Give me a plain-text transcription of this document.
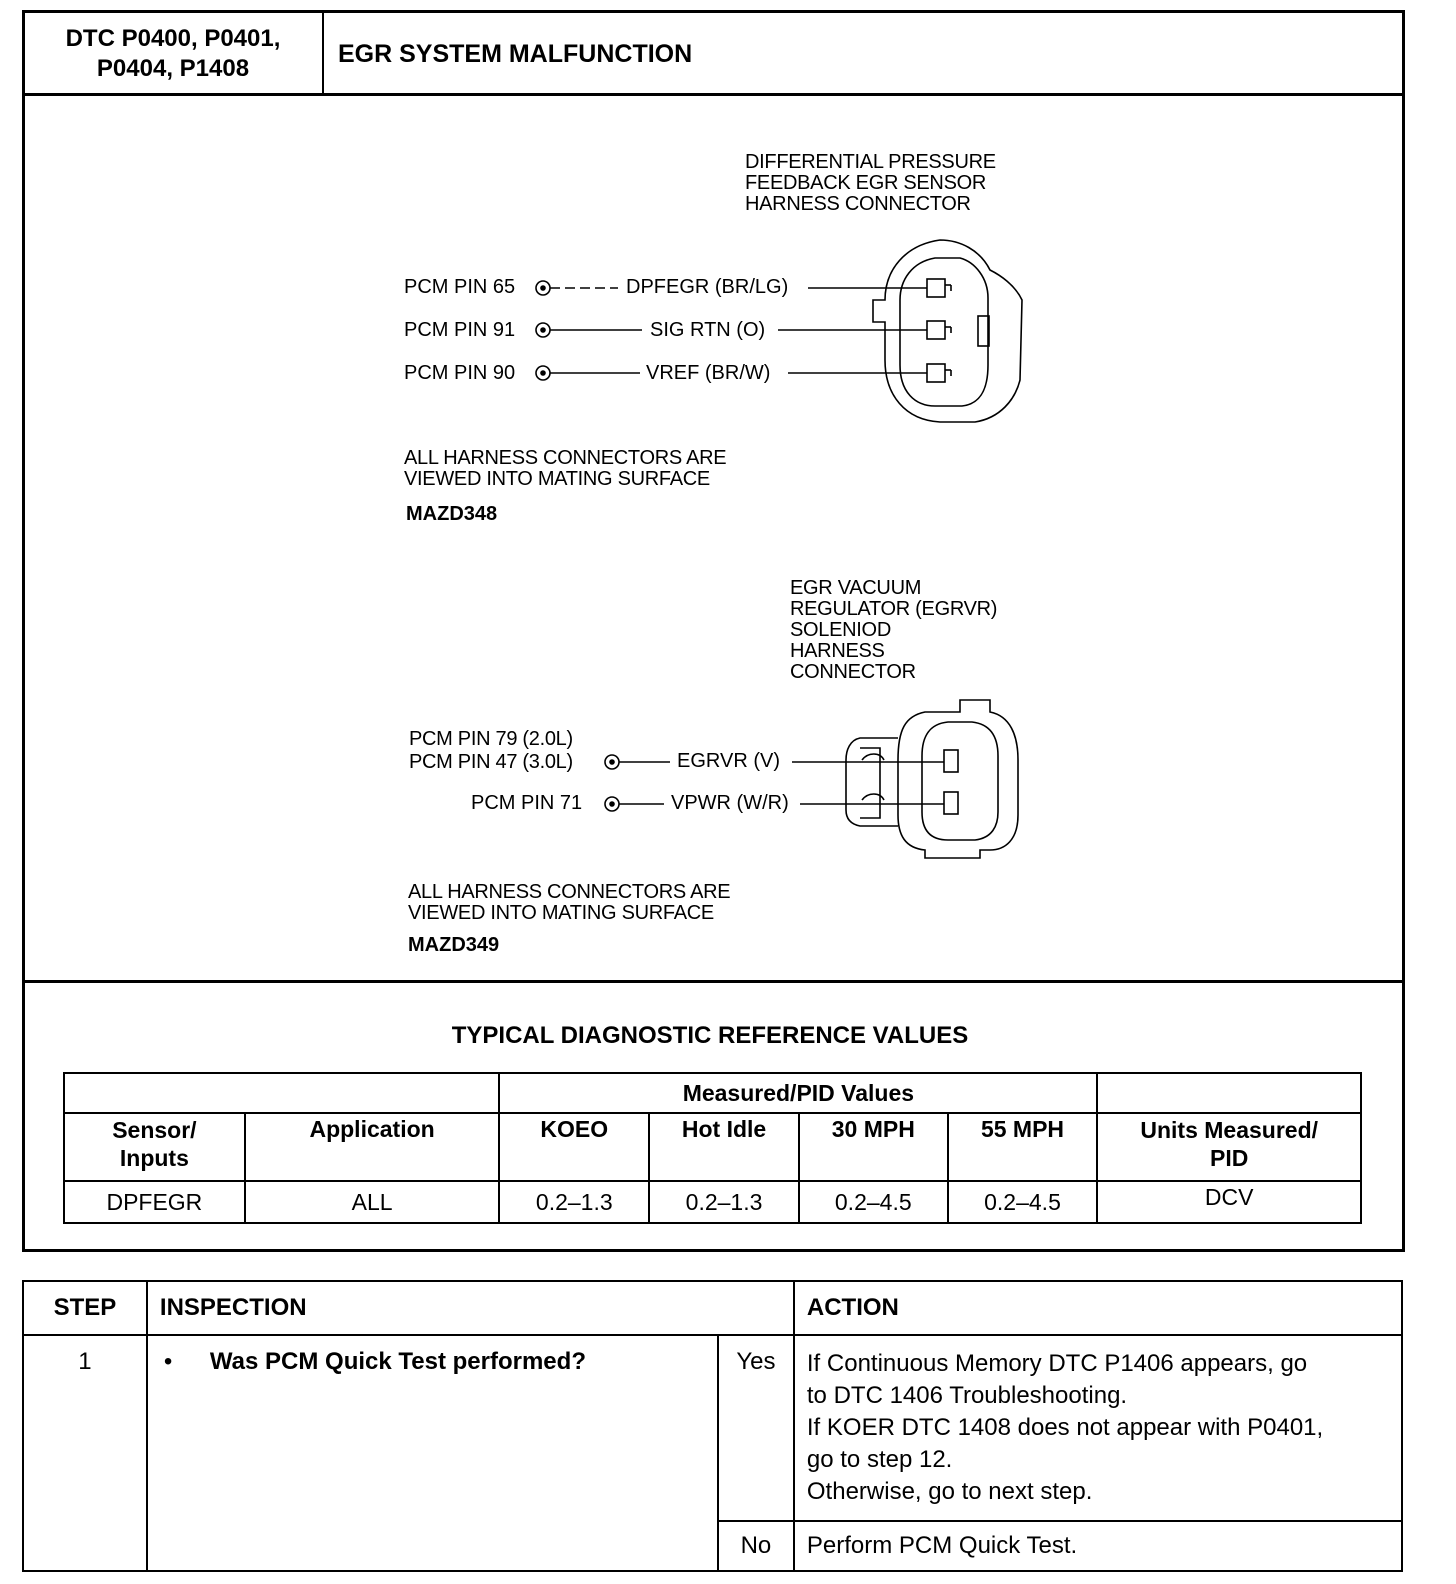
DTC P0400, P0401,
P0404, P1408
EGR SYSTEM MALFUNCTION
DIFFERENTIAL PRESSURE
FEEDBACK EGR SENSOR
HARNESS CONNECTOR
PCM PIN 65	DPFEGR (BR/LG)
PCM PIN 91	SIG RTN (O)
PCM PIN 90	VREF (BR/W)
ALL HARNESS CONNECTORS ARE
VIEWED INTO MATING SURFACE
MAZD348
EGR VACUUM
REGULATOR (EGRVR)
SOLENIOD
HARNESS
CONNECTOR
PCM PIN 79 (2.0L)
PCM PIN 47 (3.0L)	EGRVR (V)
PCM PIN 71	VPWR (W/R)
ALL HARNESS CONNECTORS ARE
VIEWED INTO MATING SURFACE
MAZD349
TYPICAL DIAGNOSTIC REFERENCE VALUES
		Measured/PID Values				
Sensor/
Inputs	Application	KOEO	Hot Idle	30 MPH	55 MPH	Units Measured/
PID
DPFEGR	ALL	0.2–1.3	0.2–1.3	0.2–4.5	0.2–4.5	DCV
STEP	INSPECTION		ACTION
1	• Was PCM Quick Test performed?	Yes	If Continuous Memory DTC P1406 appears, go
to DTC 1406 Troubleshooting.
If KOER DTC 1408 does not appear with P0401,
go to step 12.
Otherwise, go to next step.
		No	Perform PCM Quick Test.
